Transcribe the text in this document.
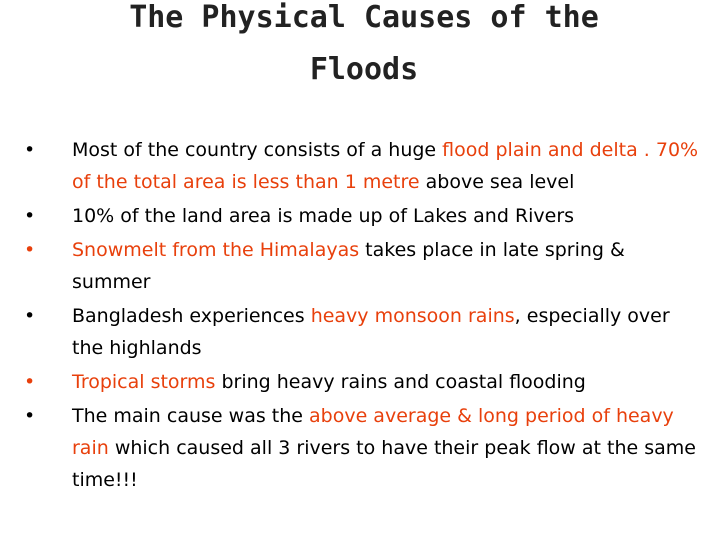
The Physical Causes of the
Floods
•	Most of the country consists of a huge flood plain and delta . 70% of the total area is less than 1 metre above sea level
•	10% of the land area is made up of Lakes and Rivers
•	Snowmelt from the Himalayas takes place in late spring & summer
•	Bangladesh experiences heavy monsoon rains, especially over the highlands
•	Tropical storms bring heavy rains and coastal flooding
•	The main cause was the above average & long period of heavy rain which caused all 3 rivers to have their peak flow at the same time!!!
